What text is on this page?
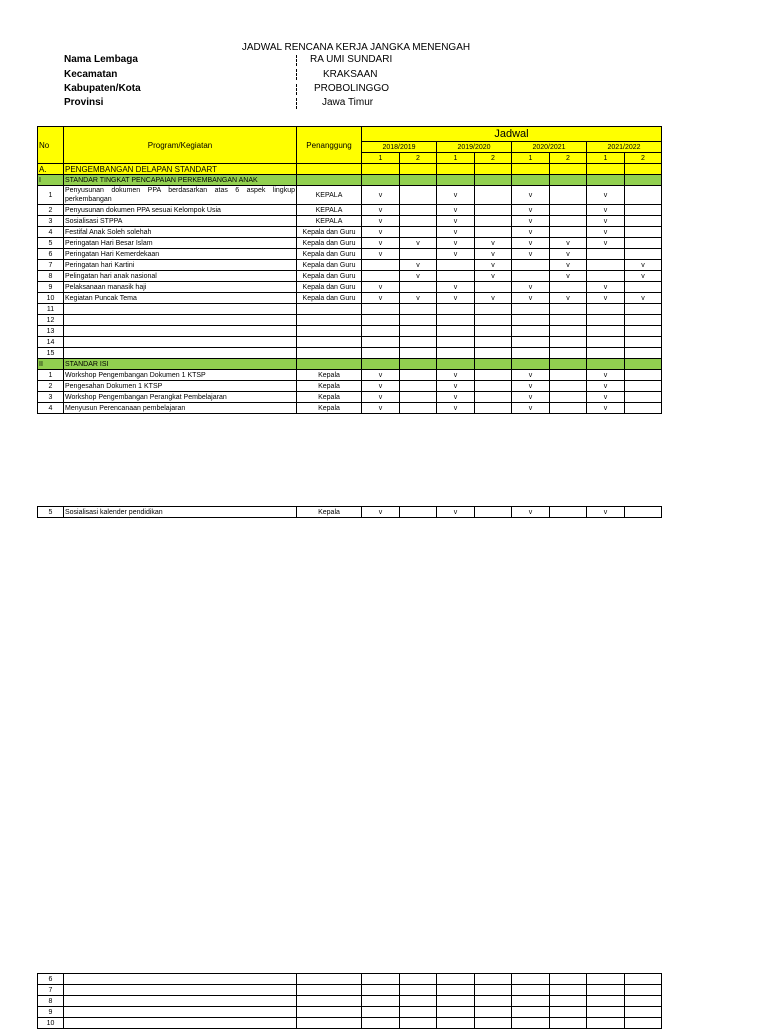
JADWAL RENCANA KERJA JANGKA MENENGAH
Nama Lembaga	RA UMI SUNDARI
Kecamatan	KRAKSAAN
Kabupaten/Kota	PROBOLINGGO
Provinsi	Jawa Timur
No	Program/Kegiatan	Penanggung	Jadwal							
			2018/2019		2019/2020		2020/2021		2021/2022	
			1	2	1	2	1	2	1	2
A.	PENGEMBANGAN DELAPAN STANDART									
I	STANDAR TINGKAT PENCAPAIAN PERKEMBANGAN ANAK									
1	Penyusunan dokumen PPA berdasarkan atas 6 aspek lingkup perkembangan	KEPALA	v		v		v		v	
2	Penyusunan dokumen PPA sesuai Kelompok Usia	KEPALA	v		v		v		v	
3	Sosialisasi STPPA	KEPALA	v		v		v		v	
4	Festifal Anak Soleh solehah	Kepala dan Guru	v		v		v		v	
5	Peringatan Hari Besar Islam	Kepala dan Guru	v	v	v	v	v	v	v	
6	Peringatan Hari Kemerdekaan	Kepala dan Guru	v		v	v	v	v		
7	Peringatan hari Kartini	Kepala dan Guru		v		v		v		v
8	Pelingatan hari anak nasional	Kepala dan Guru		v		v		v		v
9	Pelaksanaan manasik haji	Kepala dan Guru	v		v		v		v	
10	Kegiatan Puncak Tema	Kepala dan Guru	v	v	v	v	v	v	v	v
11										
12										
13										
14										
15										
II	STANDAR ISI									
1	Workshop Pengembangan Dokumen 1 KTSP	Kepala	v		v		v		v	
2	Pengesahan Dokumen 1 KTSP	Kepala	v		v		v		v	
3	Workshop Pengembangan Perangkat Pembelajaran	Kepala	v		v		v		v	
4	Menyusun Perencanaan pembelajaran	Kepala	v		v		v		v	
5	Sosialisasi kalender pendidikan	Kepala	v		v		v		v	
6										
7										
8										
9										
10										
